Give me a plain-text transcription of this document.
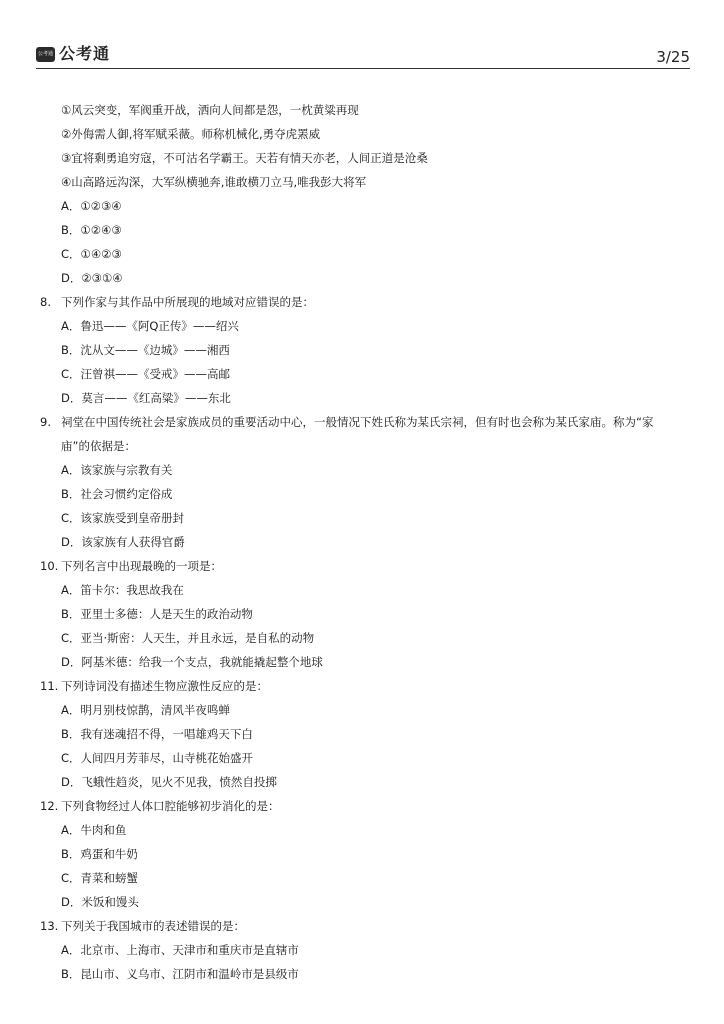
公考通 公考通	3/25
①风云突变，军阀重开战，洒向人间都是怨，一枕黄粱再现
②外侮需人御,将军赋采薇。师称机械化,勇夺虎罴威
③宜将剩勇追穷寇，不可沽名学霸王。天若有情天亦老，人间正道是沧桑
④山高路远沟深，大军纵横驰奔,谁敢横刀立马,唯我彭大将军
A．①②③④
B．①②④③
C．①④②③
D．②③①④
8. 下列作家与其作品中所展现的地域对应错误的是：
A．鲁迅——《阿Q正传》——绍兴
B．沈从文——《边城》——湘西
C．汪曾祺——《受戒》——高邮
D．莫言——《红高粱》——东北
9. 祠堂在中国传统社会是家族成员的重要活动中心，一般情况下姓氏称为某氏宗祠，但有时也会称为某氏家庙。称为“家庙”的依据是：
A．该家族与宗教有关
B．社会习惯约定俗成
C．该家族受到皇帝册封
D．该家族有人获得官爵
10. 下列名言中出现最晚的一项是：
A．笛卡尔：我思故我在
B．亚里士多德：人是天生的政治动物
C．亚当·斯密：人天生，并且永远，是自私的动物
D．阿基米德：给我一个支点，我就能撬起整个地球
11. 下列诗词没有描述生物应激性反应的是：
A．明月别枝惊鹊，清风半夜鸣蝉
B．我有迷魂招不得，一唱雄鸡天下白
C．人间四月芳菲尽，山寺桃花始盛开
D．飞蛾性趋炎，见火不见我，愤然自投掷
12. 下列食物经过人体口腔能够初步消化的是：
A．牛肉和鱼
B．鸡蛋和牛奶
C．青菜和螃蟹
D．米饭和馒头
13. 下列关于我国城市的表述错误的是：
A．北京市、上海市、天津市和重庆市是直辖市
B．昆山市、义乌市、江阴市和温岭市是县级市
